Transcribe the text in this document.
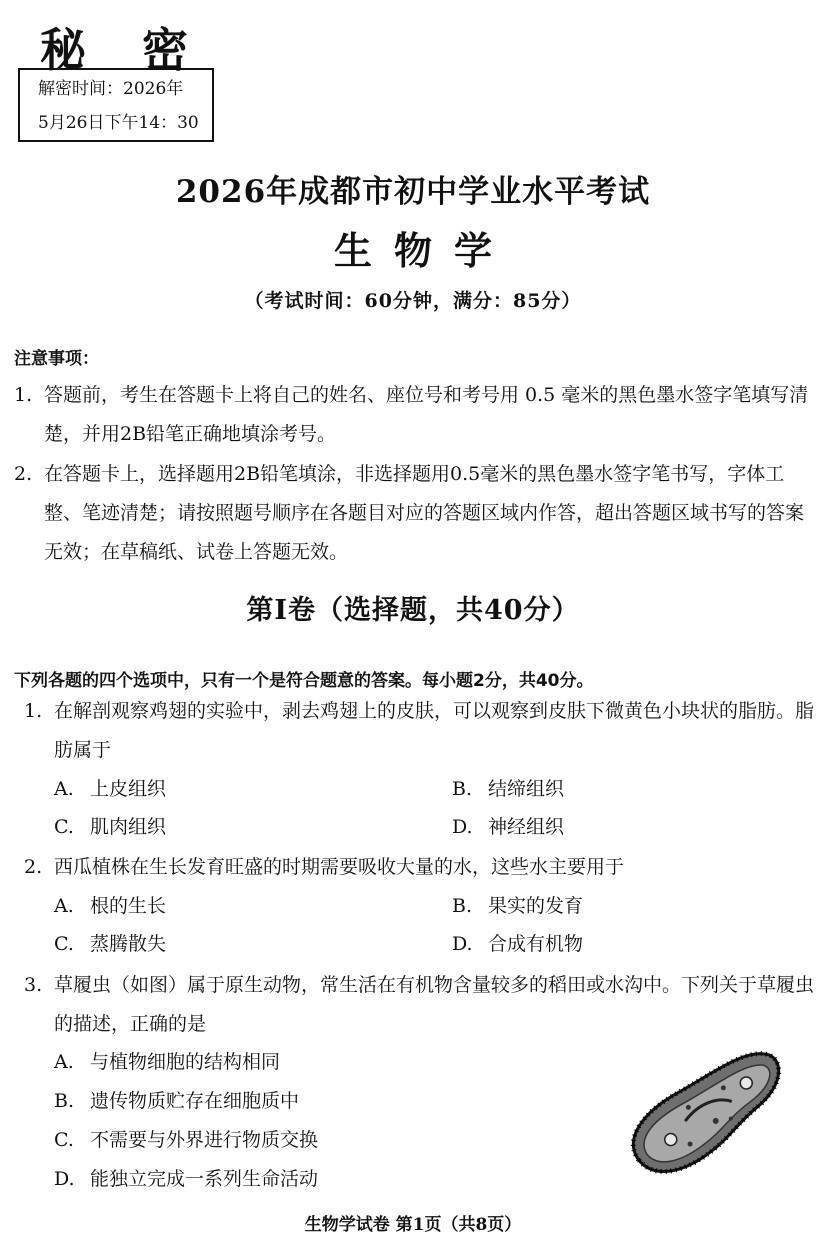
秘密
解密时间：2026年
5月26日下午14：30
2026年成都市初中学业水平考试
生物学
（考试时间：60分钟，满分：85分）
注意事项：
1. 答题前，考生在答题卡上将自己的姓名、座位号和考号用 0.5 毫米的黑色墨水签字笔填写清楚，并用2B铅笔正确地填涂考号。
2. 在答题卡上，选择题用2B铅笔填涂，非选择题用0.5毫米的黑色墨水签字笔书写，字体工整、笔迹清楚；请按照题号顺序在各题目对应的答题区域内作答，超出答题区域书写的答案无效；在草稿纸、试卷上答题无效。
第Ⅰ卷（选择题，共40分）
下列各题的四个选项中，只有一个是符合题意的答案。每小题2分，共40分。
1. 在解剖观察鸡翅的实验中，剥去鸡翅上的皮肤，可以观察到皮肤下微黄色小块状的脂肪。脂肪属于
A. 上皮组织	B. 结缔组织
C. 肌肉组织	D. 神经组织
2. 西瓜植株在生长发育旺盛的时期需要吸收大量的水，这些水主要用于
A. 根的生长	B. 果实的发育
C. 蒸腾散失	D. 合成有机物
3. 草履虫（如图）属于原生动物，常生活在有机物含量较多的稻田或水沟中。下列关于草履虫的描述，正确的是
A. 与植物细胞的结构相同
B. 遗传物质贮存在细胞质中
C. 不需要与外界进行物质交换
D. 能独立完成一系列生命活动
生物学试卷 第1页（共8页）
